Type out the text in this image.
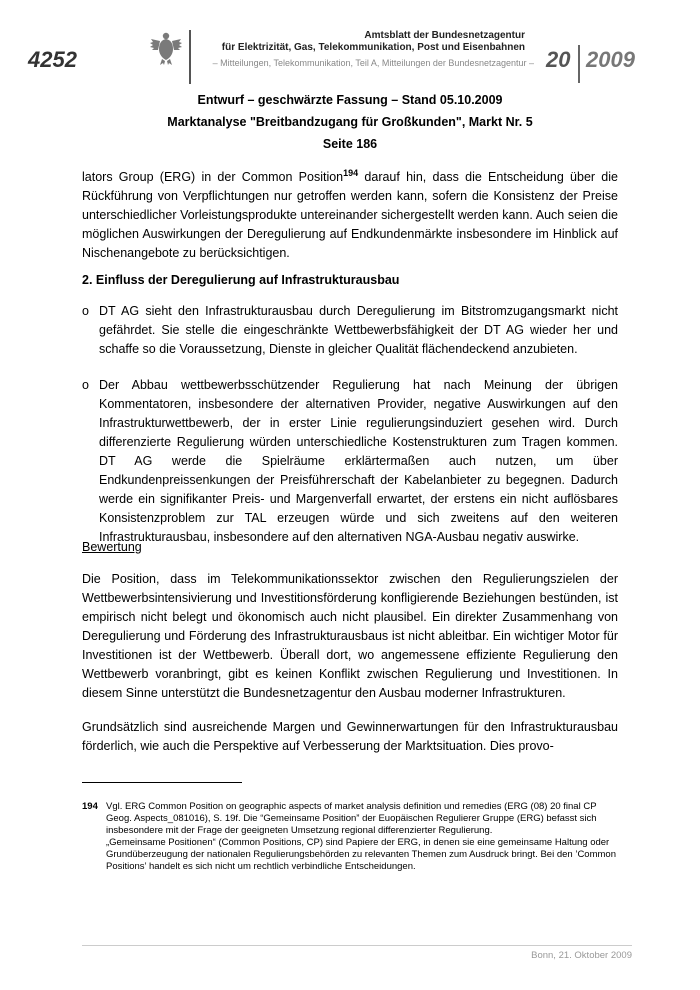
4252
Amtsblatt der Bundesnetzagentur
für Elektrizität, Gas, Telekommunikation, Post und Eisenbahnen
– Mitteilungen, Telekommunikation, Teil A, Mitteilungen der Bundesnetzagentur – 20 2009
Entwurf – geschwärzte Fassung – Stand 05.10.2009
Marktanalyse "Breitbandzugang für Großkunden", Markt Nr. 5
Seite 186

lators Group (ERG) in der Common Position$^{194}$ darauf hin, dass die Entscheidung über die Rückführung von Verpflichtungen nur getroffen werden kann, sofern die Konsistenz der Preise unterschiedlicher Vorleistungsprodukte untereinander sichergestellt werden kann. Auch seien die möglichen Auswirkungen der Deregulierung auf Endkundenmärkte insbesondere im Hinblick auf Nischenangebote zu berücksichtigen.

2. Einfluss der Deregulierung auf Infrastrukturausbau
o DT AG sieht den Infrastrukturausbau durch Deregulierung im Bitstromzugangsmarkt nicht gefährdet. Sie stelle die eingeschränkte Wettbewerbsfähigkeit der DT AG wieder her und schaffe so die Voraussetzung, Dienste in gleicher Qualität flächendeckend anzubieten.
o Der Abbau wettbewerbsschützender Regulierung hat nach Meinung der übrigen Kommentatoren, insbesondere der alternativen Provider, negative Auswirkungen auf den Infrastrukturwettbewerb, der in erster Linie regulierungsinduziert gesehen wird. Durch differenzierte Regulierung würden unterschiedliche Kostenstrukturen zum Tragen kommen. DT AG werde die Spielräume erklärtermaßen auch nutzen, um über Endkundenpreissenkungen der Preisführerschaft der Kabelanbieter zu begegnen. Dadurch werde ein signifikanter Preis- und Margenverfall erwartet, der erstens ein nicht auflösbares Konsistenzproblem zur TAL erzeugen würde und sich zweitens auf den weiteren Infrastrukturausbau, insbesondere auf den alternativen NGA-Ausbau negativ auswirke.
Bewertung

Die Position, dass im Telekommunikationssektor zwischen den Regulierungszielen der Wettbewerbsintensivierung und Investitionsförderung konfligierende Beziehungen bestünden, ist empirisch nicht belegt und ökonomisch auch nicht plausibel. Ein direkter Zusammenhang von Deregulierung und Förderung des Infrastrukturausbaus ist nicht ableitbar. Ein wichtiger Motor für Investitionen ist der Wettbewerb. Überall dort, wo angemessene effiziente Regulierung den Wettbewerb voranbringt, gibt es keinen Konflikt zwischen Regulierung und Investitionen. In diesem Sinne unterstützt die Bundesnetzagentur den Ausbau moderner Infrastrukturen.

Grundsätzlich sind ausreichende Margen und Gewinnerwartungen für den Infrastrukturausbau förderlich, wie auch die Perspektive auf Verbesserung der Marktsituation. Dies provo-

194 Vgl. ERG Common Position on geographic aspects of market analysis definition und remedies (ERG (08) 20 final CP Geog. Aspects_081016), S. 19f. Die “Gemeinsame Position” der Euopäischen Regulierer Gruppe (ERG) befasst sich insbesondere mit der Frage der geeigneten Umsetzung regional differenzierter Regulierung.

„Gemeinsame Positionen“ (Common Positions, CP) sind Papiere der ERG, in denen sie eine gemeinsame Haltung oder Grundüberzeugung der nationalen Regulierungsbehörden zu relevanten Themen zum Ausdruck bringt. Bei den ’Common Positions’ handelt es sich nicht um rechtlich verbindliche Entscheidungen.

Bonn, 21. Oktober 2009
